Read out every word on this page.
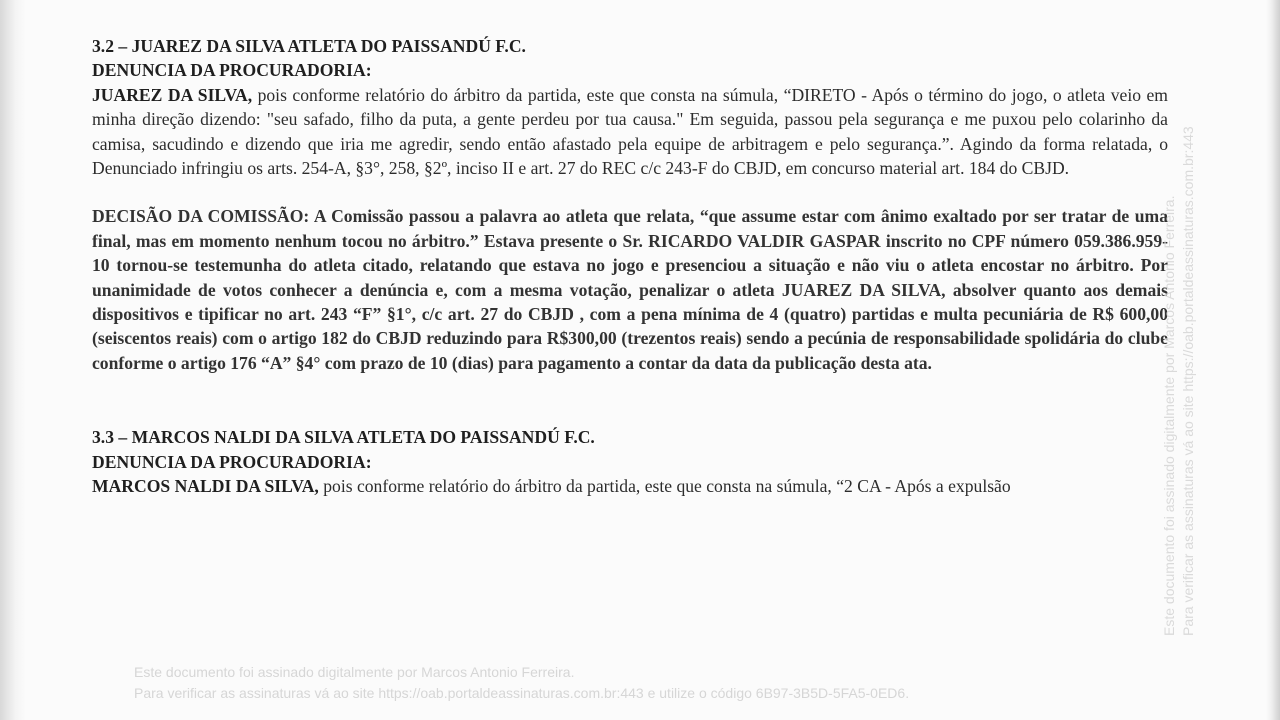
3.2 – JUAREZ DA SILVA ATLETA DO PAISSANDÚ F.C.
DENUNCIA DA PROCURADORIA:

JUAREZ DA SILVA, pois conforme relatório do árbitro da partida, este que consta na súmula, “DIRETO - Após o término do jogo, o atleta veio em minha direção dizendo: "seu safado, filho da puta, a gente perdeu por tua causa." Em seguida, passou pela segurança e me puxou pelo colarinho da camisa, sacudindo e dizendo que iria me agredir, sendo então afastado pela equipe de arbitragem e pelo segurança.”. Agindo da forma relatada, o Denunciado infringiu os arts. 254-A, §3°, 258, §2º, inciso II e art. 27 do REC c/c 243-F do CBJD, em concurso material art. 184 do CBJD.

DECISÃO DA COMISSÃO: A Comissão passou a palavra ao atleta que relata, “que assume estar com ânimo exaltado por ser tratar de uma final, mas em momento nenhum tocou no árbitro.” Estava presente o Sr. RICARDO VALDIR GASPAR inscrito no CPF número 059.386.959-10 tornou-se testemunha do atleta citado, relatando que estava no jogo e presenciou a situação e não viu o atleta encostar no árbitro. Por unanimidade de votos conhecer a denúncia e, com a mesma votação, penalizar o atleta JUAREZ DA SILVA, absolver quanto aos demais dispositivos e tipificar no art. 243 “F” §1°, c/c art. 27 do CBJD , com a pena mínima de 4 (quatro) partidas e multa pecuniária de R$ 600,00 (seiscentos reais) com o artigo 182 do CBJD reduzindo para R$300,00 (trezentos reais) sendo a pecúnia de responsabilidade spolidária do clube conforme o artigo 176 “A” §4° com prazo de 10 (dias) para pagamento a contar da data da publicação desta ata.

3.3 – MARCOS NALDI DA SILVA ATLETA DO PAISSANDÚ F.C.
DENUNCIA DA PROCURADORIA:

MARCOS NALDI DA SILVA, pois conforme relatório do árbitro da partida, este que consta na súmula, “2 CA - Após a expulsão

Este documento foi assinado digitalmente por Marcos Antonio Ferreira.
Para verificar as assinaturas vá ao site https://oab.portaldeassinaturas.com.br:443 e utilize o código 6B97-3B5D-5FA5-0ED6.
Este documento foi assinado digitalmente por Marcos Antonio Ferreira. Para verificar as assinaturas vá ao site https://oab.portaldeassinaturas.com.br:443
